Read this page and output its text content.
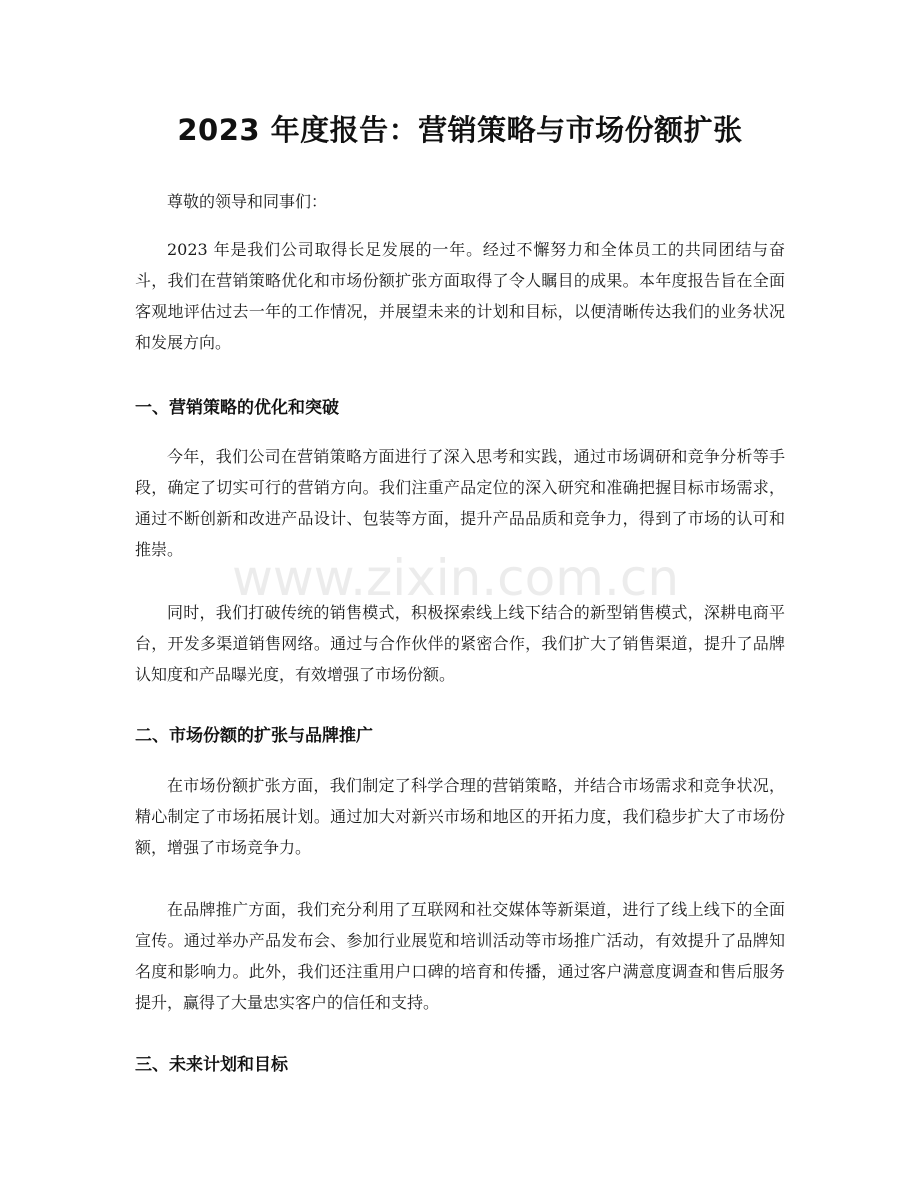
2023 年度报告：营销策略与市场份额扩张

尊敬的领导和同事们：

2023 年是我们公司取得长足发展的一年。经过不懈努力和全体员工的共同团结与奋斗，我们在营销策略优化和市场份额扩张方面取得了令人瞩目的成果。本年度报告旨在全面客观地评估过去一年的工作情况，并展望未来的计划和目标，以便清晰传达我们的业务状况和发展方向。

一、营销策略的优化和突破

今年，我们公司在营销策略方面进行了深入思考和实践，通过市场调研和竞争分析等手段，确定了切实可行的营销方向。我们注重产品定位的深入研究和准确把握目标市场需求，通过不断创新和改进产品设计、包装等方面，提升产品品质和竞争力，得到了市场的认可和推崇。

同时，我们打破传统的销售模式，积极探索线上线下结合的新型销售模式，深耕电商平台，开发多渠道销售网络。通过与合作伙伴的紧密合作，我们扩大了销售渠道，提升了品牌认知度和产品曝光度，有效增强了市场份额。

二、市场份额的扩张与品牌推广

在市场份额扩张方面，我们制定了科学合理的营销策略，并结合市场需求和竞争状况，精心制定了市场拓展计划。通过加大对新兴市场和地区的开拓力度，我们稳步扩大了市场份额，增强了市场竞争力。

在品牌推广方面，我们充分利用了互联网和社交媒体等新渠道，进行了线上线下的全面宣传。通过举办产品发布会、参加行业展览和培训活动等市场推广活动，有效提升了品牌知名度和影响力。此外，我们还注重用户口碑的培育和传播，通过客户满意度调查和售后服务提升，赢得了大量忠实客户的信任和支持。

三、未来计划和目标
www.zixin.com.cn
